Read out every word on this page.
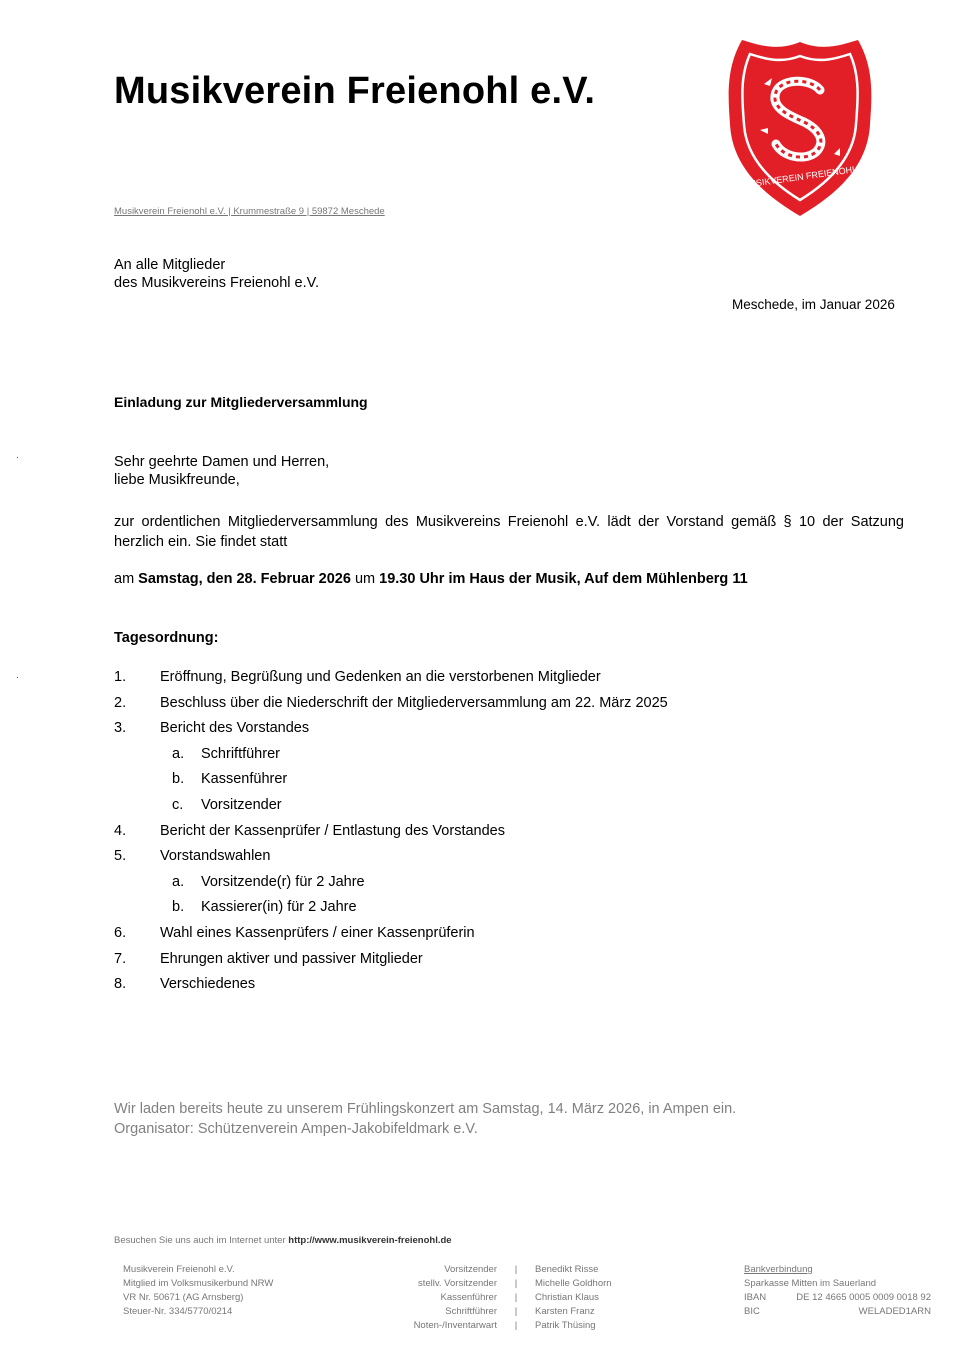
Musikverein Freienohl e.V.
MUSIKVEREIN FREIENOHL
Musikverein Freienohl e.V. | Krummestraße 9 | 59872 Meschede
An alle Mitglieder
des Musikvereins Freienohl e.V.
Meschede, im Januar 2026
Einladung zur Mitgliederversammlung
.
.
Sehr geehrte Damen und Herren,
liebe Musikfreunde,
zur ordentlichen Mitgliederversammlung des Musikvereins Freienohl e.V. lädt der Vorstand gemäß § 10 der Satzung herzlich ein. Sie findet statt
am Samstag, den 28. Februar 2026 um 19.30 Uhr im Haus der Musik, Auf dem Mühlenberg 11
Tagesordnung:
1. Eröffnung, Begrüßung und Gedenken an die verstorbenen Mitglieder
2. Beschluss über die Niederschrift der Mitgliederversammlung am 22. März 2025
3. Bericht des Vorstandes
a. Schriftführer
b. Kassenführer
c. Vorsitzender
4. Bericht der Kassenprüfer / Entlastung des Vorstandes
5. Vorstandswahlen
a. Vorsitzende(r) für 2 Jahre
b. Kassierer(in) für 2 Jahre
6. Wahl eines Kassenprüfers / einer Kassenprüferin
7. Ehrungen aktiver und passiver Mitglieder
8. Verschiedenes
Wir laden bereits heute zu unserem Frühlingskonzert am Samstag, 14. März 2026, in Ampen ein.
Organisator: Schützenverein Ampen-Jakobifeldmark e.V.
Besuchen Sie uns auch im Internet unter http://www.musikverein-freienohl.de
Musikverein Freienohl e.V.
Mitglied im Volksmusikerbund NRW
VR Nr. 50671 (AG Arnsberg)
Steuer-Nr. 334/5770/0214
Vorsitzender
stellv. Vorsitzender
Kassenführer
Schriftführer
Noten-/Inventarwart
|
|
|
|
|
Benedikt Risse
Michelle Goldhorn
Christian Klaus
Karsten Franz
Patrik Thüsing
Bankverbindung
Sparkasse Mitten im Sauerland
IBAN	DE 12 4665 0005 0009 0018 92
BIC	WELADED1ARN
